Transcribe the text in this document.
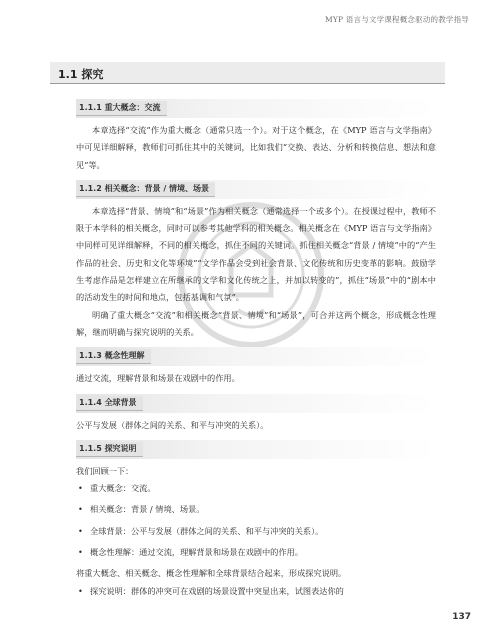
MYP 语言与文学课程概念驱动的教学指导
1.1 探究
1.1.1 重大概念：交流

本章选择“交流”作为重大概念（通常只选一个）。对于这个概念，在《MYP 语言与文学指南》中可见详细解释，教师们可抓住其中的关键词，比如我们“交换、表达、分析和转换信息、想法和意见”等。

1.1.2 相关概念：背景 / 情境、场景

本章选择“背景、情境”和“场景”作为相关概念（通常选择一个或多个）。在授课过程中，教师不限于本学科的相关概念，同时可以参考其他学科的相关概念。相关概念在《MYP 语言与文学指南》中同样可见详细解释，不同的相关概念，抓住不同的关键词。抓住相关概念“背景 / 情境”中的“产生作品的社会、历史和文化等环境”“文学作品会受到社会背景、文化传统和历史变革的影响。鼓励学生考虑作品是怎样建立在所继承的文学和文化传统之上，并加以转变的”，抓住“场景”中的“剧本中的活动发生的时间和地点，包括基调和气氛”。

明确了重大概念“交流”和相关概念“背景、情境”和“场景”，可合并这两个概念，形成概念性理解，继而明确与探究说明的关系。

1.1.3 概念性理解

通过交流，理解背景和场景在戏剧中的作用。

1.1.4 全球背景

公平与发展（群体之间的关系、和平与冲突的关系）。

1.1.5 探究说明

我们回顾一下：

• 重大概念：交流。
• 相关概念：背景 / 情境、场景。
• 全球背景：公平与发展（群体之间的关系、和平与冲突的关系）。
• 概念性理解：通过交流，理解背景和场景在戏剧中的作用。

将重大概念、相关概念、概念性理解和全球背景结合起来，形成探究说明。

• 探究说明：群体的冲突可在戏剧的场景设置中突显出来，试图表达你的
137
